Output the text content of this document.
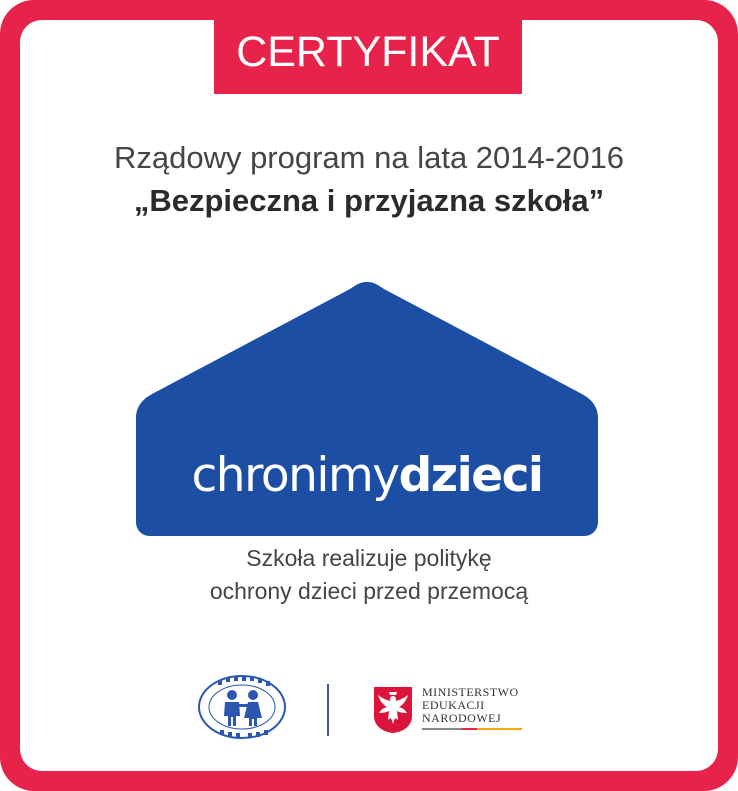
CERTYFIKAT
Rządowy program na lata 2014-2016
„Bezpieczna i przyjazna szkoła”
chronimydzieci
Szkoła realizuje politykę
ochrony dzieci przed przemocą
MINISTERSTWO
EDUKACJI
NARODOWEJ
